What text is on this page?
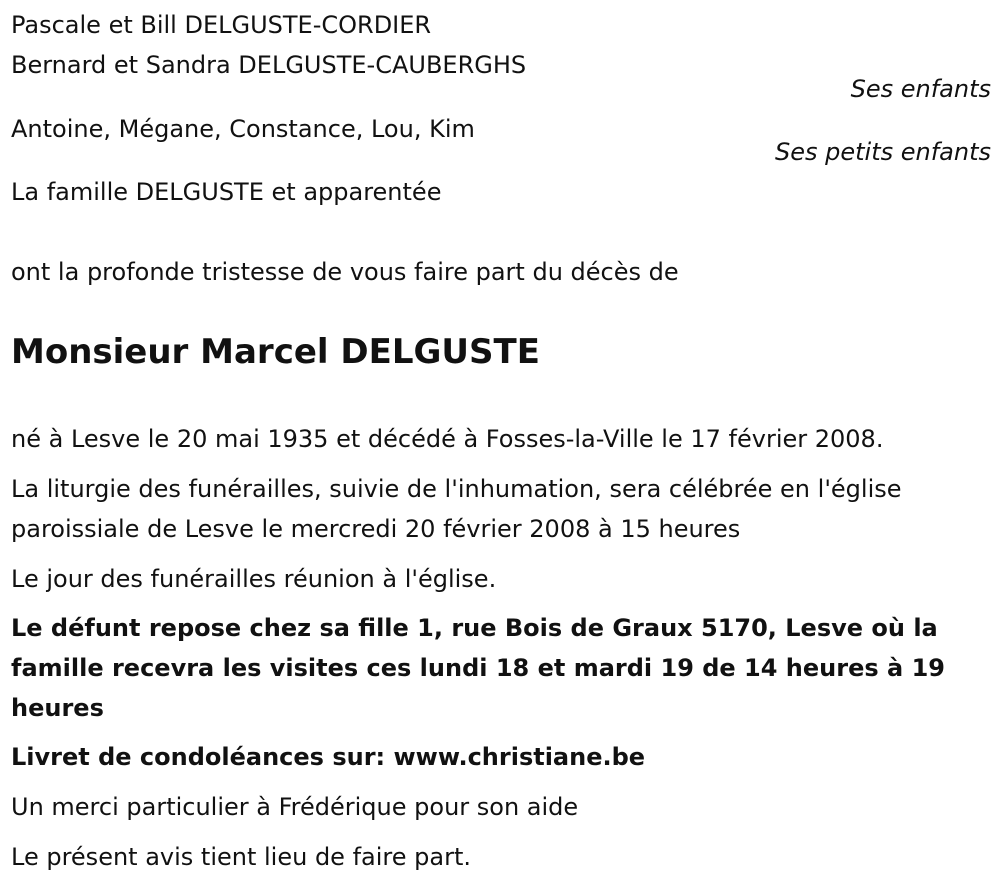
Pascale et Bill DELGUSTE-CORDIER
Bernard et Sandra DELGUSTE-CAUBERGHS
Ses enfants
Antoine, Mégane, Constance, Lou, Kim
Ses petits enfants
La famille DELGUSTE et apparentée
ont la profonde tristesse de vous faire part du décès de
Monsieur Marcel DELGUSTE
né à Lesve le 20 mai 1935 et décédé à Fosses-la-Ville le 17 février 2008.
La liturgie des funérailles, suivie de l'inhumation, sera célébrée en l'église paroissiale de Lesve le mercredi 20 février 2008 à 15 heures
Le jour des funérailles réunion à l'église.
Le défunt repose chez sa fille 1, rue Bois de Graux 5170, Lesve où la famille recevra les visites ces lundi 18 et mardi 19 de 14 heures à 19 heures
Livret de condoléances sur: www.christiane.be
Un merci particulier à Frédérique pour son aide
Le présent avis tient lieu de faire part.
